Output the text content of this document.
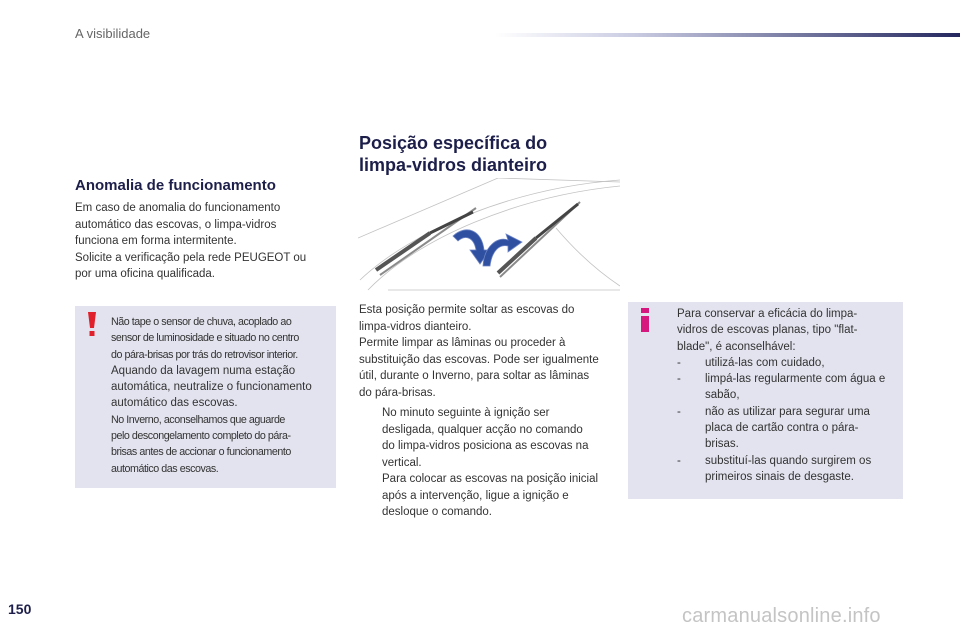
A visibilidade
Anomalia de funcionamento
Em caso de anomalia do funcionamento
automático das escovas, o limpa-vidros
funciona em forma intermitente.
Solicite a verificação pela rede PEUGEOT ou
por uma oficina qualificada.
Não tape o sensor de chuva, acoplado ao
sensor de luminosidade e situado no centro
do pára-brisas por trás do retrovisor interior.
Aquando da lavagem numa estação
automática, neutralize o funcionamento
automático das escovas.
No Inverno, aconselhamos que aguarde
pelo descongelamento completo do pára-
brisas antes de accionar o funcionamento
automático das escovas.
Posição específica do
limpa-vidros dianteiro
Esta posição permite soltar as escovas do
limpa-vidros dianteiro.
Permite limpar as lâminas ou proceder à
substituição das escovas. Pode ser igualmente
útil, durante o Inverno, para soltar as lâminas
do pára-brisas.
No minuto seguinte à ignição ser
desligada, qualquer acção no comando
do limpa-vidros posiciona as escovas na
vertical.
Para colocar as escovas na posição inicial
após a intervenção, ligue a ignição e
desloque o comando.
Para conservar a eficácia do limpa-
vidros de escovas planas, tipo "flat-
blade", é aconselhável:
- utilizá-las com cuidado,
- limpá-las regularmente com água e
sabão,
- não as utilizar para segurar uma
placa de cartão contra o pára-
brisas.
- substituí-las quando surgirem os
primeiros sinais de desgaste.
150	carmanualsonline.info
